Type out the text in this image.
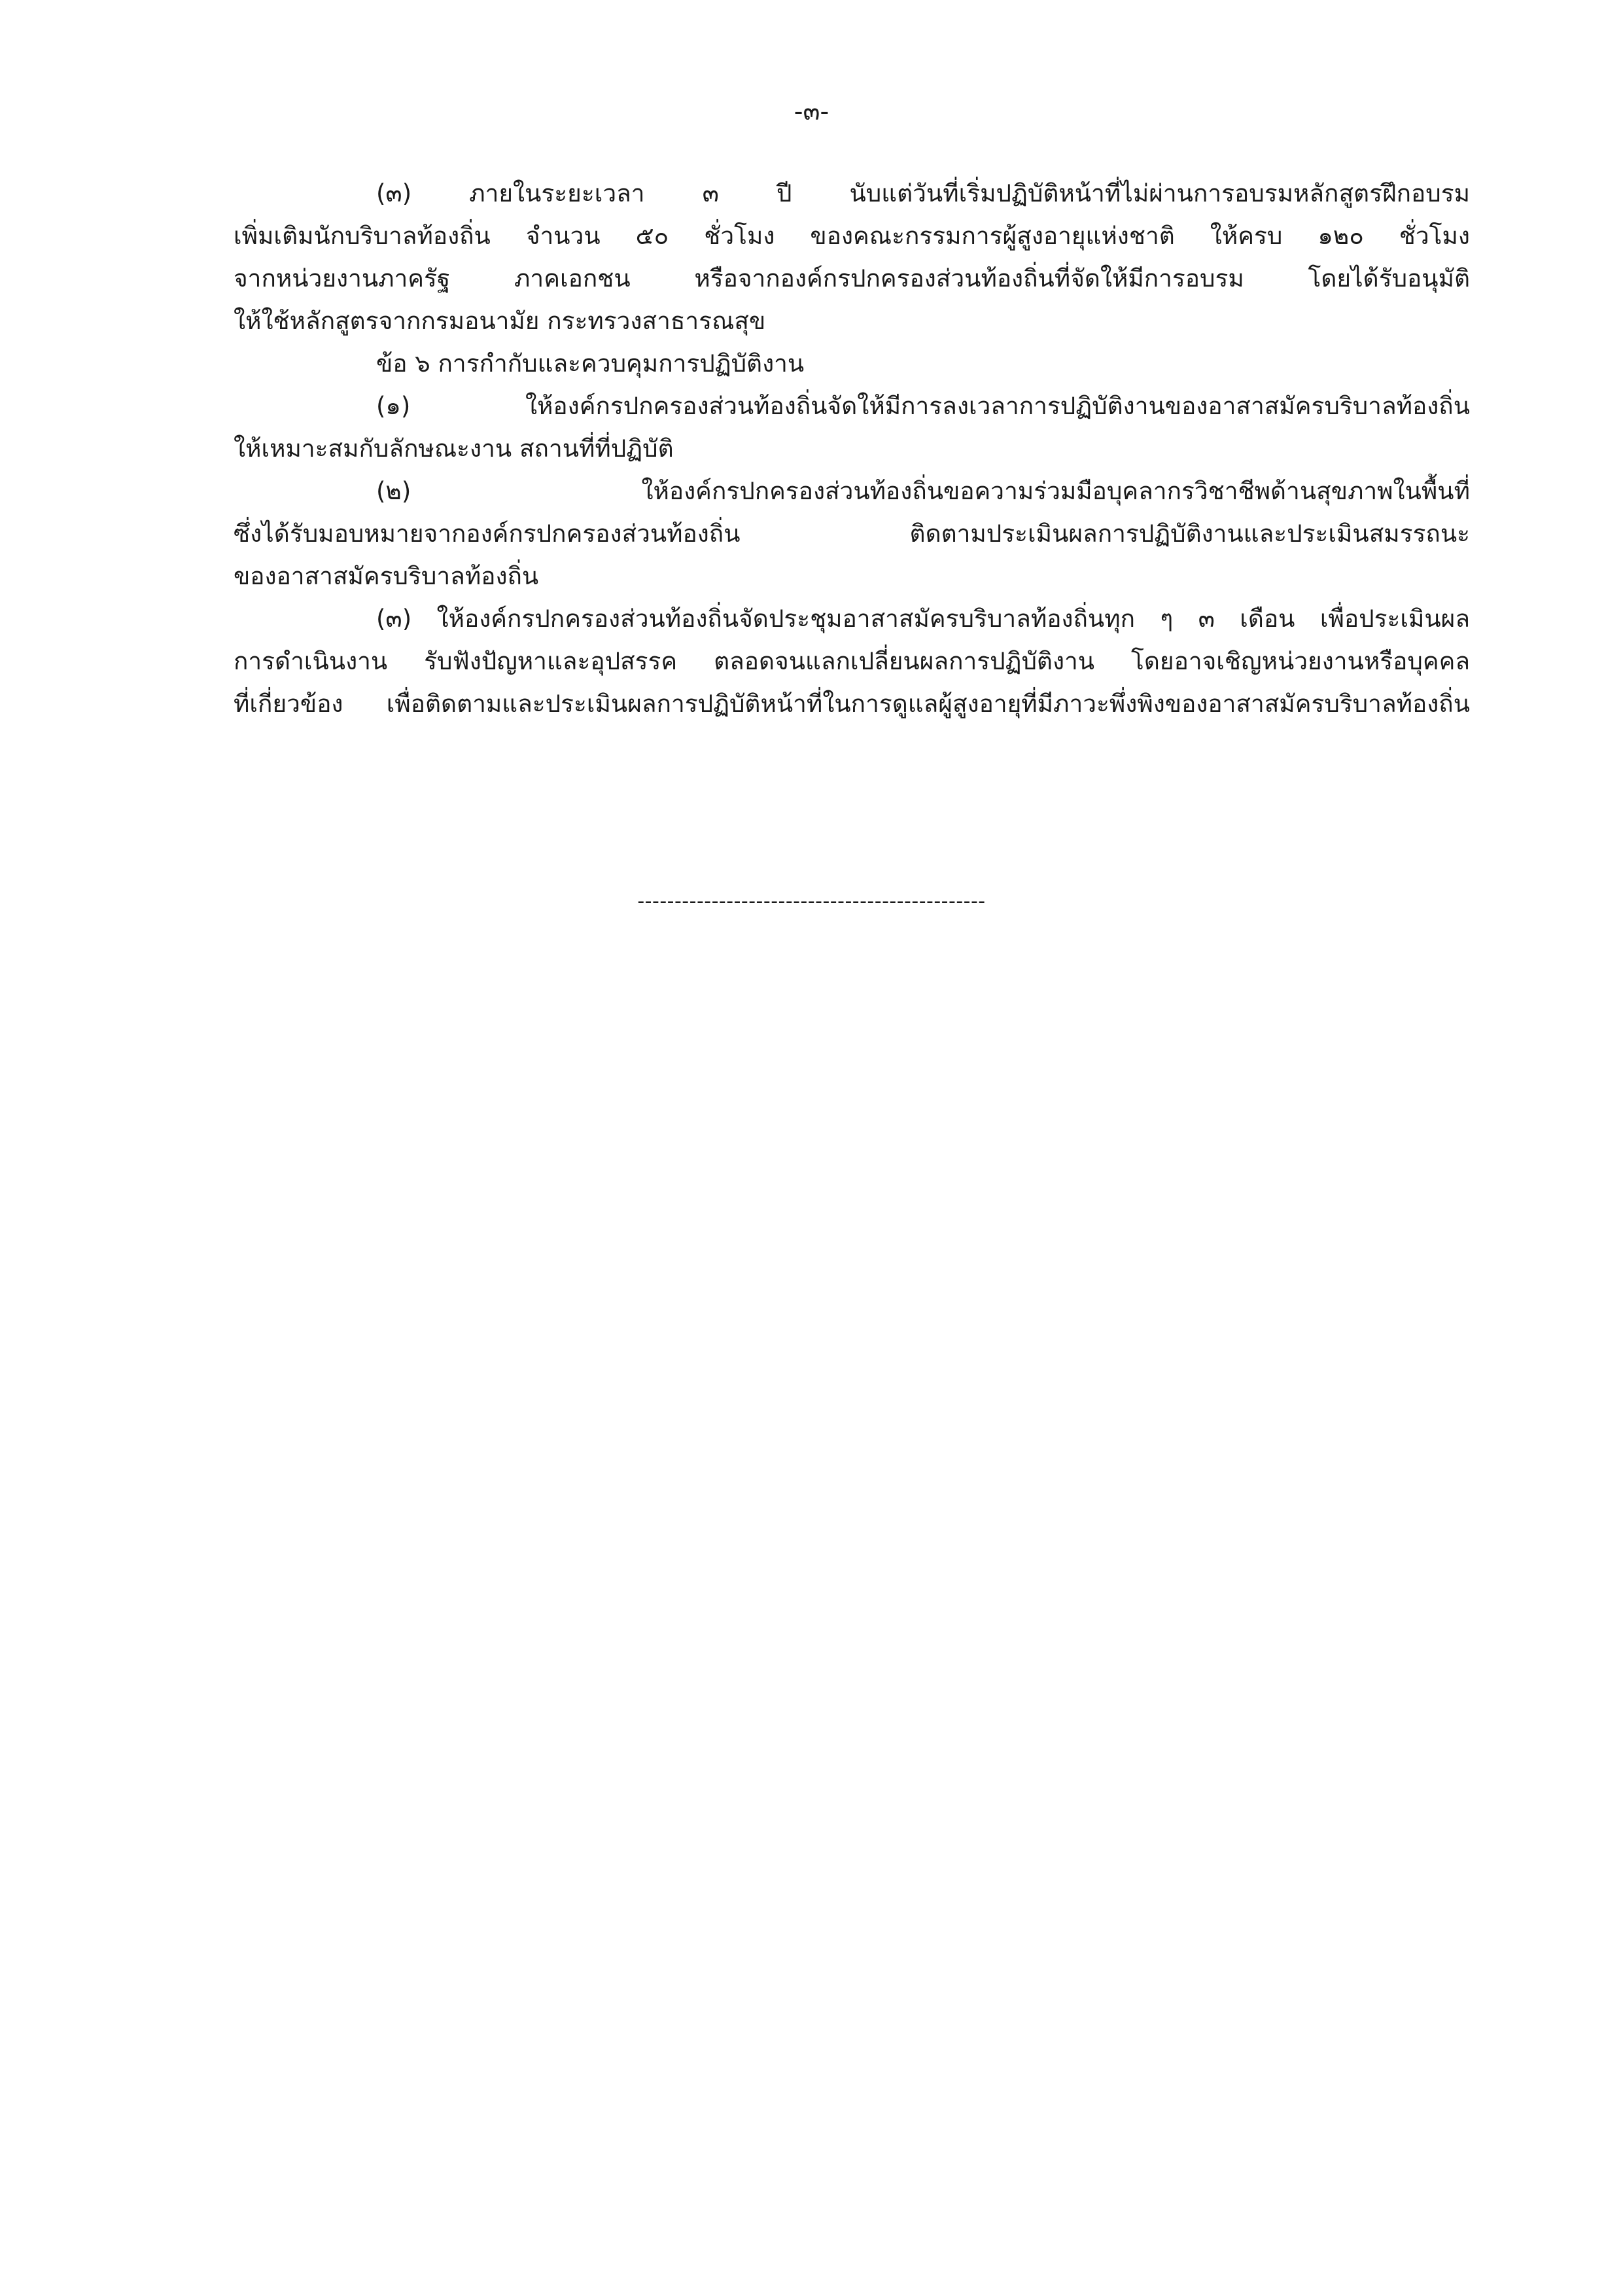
-๓-
(๓) ภายในระยะเวลา ๓ ปี นับแต่วันที่เริ่มปฏิบัติหน้าที่ไม่ผ่านการอบรมหลักสูตรฝึกอบรม
เพิ่มเติมนักบริบาลท้องถิ่น จำนวน ๕๐ ชั่วโมง ของคณะกรรมการผู้สูงอายุแห่งชาติ ให้ครบ ๑๒๐ ชั่วโมง
จากหน่วยงานภาครัฐ ภาคเอกชน หรือจากองค์กรปกครองส่วนท้องถิ่นที่จัดให้มีการอบรม โดยได้รับอนุมัติ
ให้ใช้หลักสูตรจากกรมอนามัย กระทรวงสาธารณสุข
ข้อ ๖ การกำกับและควบคุมการปฏิบัติงาน
(๑) ให้องค์กรปกครองส่วนท้องถิ่นจัดให้มีการลงเวลาการปฏิบัติงานของอาสาสมัครบริบาลท้องถิ่น
ให้เหมาะสมกับลักษณะงาน สถานที่ที่ปฏิบัติ
(๒) ให้องค์กรปกครองส่วนท้องถิ่นขอความร่วมมือบุคลากรวิชาชีพด้านสุขภาพในพื้นที่
ซึ่งได้รับมอบหมายจากองค์กรปกครองส่วนท้องถิ่น ติดตามประเมินผลการปฏิบัติงานและประเมินสมรรถนะ
ของอาสาสมัครบริบาลท้องถิ่น
(๓) ให้องค์กรปกครองส่วนท้องถิ่นจัดประชุมอาสาสมัครบริบาลท้องถิ่นทุก ๆ ๓ เดือน เพื่อประเมินผล
การดำเนินงาน รับฟังปัญหาและอุปสรรค ตลอดจนแลกเปลี่ยนผลการปฏิบัติงาน โดยอาจเชิญหน่วยงานหรือบุคคล
ที่เกี่ยวข้อง เพื่อติดตามและประเมินผลการปฏิบัติหน้าที่ในการดูแลผู้สูงอายุที่มีภาวะพึ่งพิงของอาสาสมัครบริบาลท้องถิ่น
-----------------------------------------------
